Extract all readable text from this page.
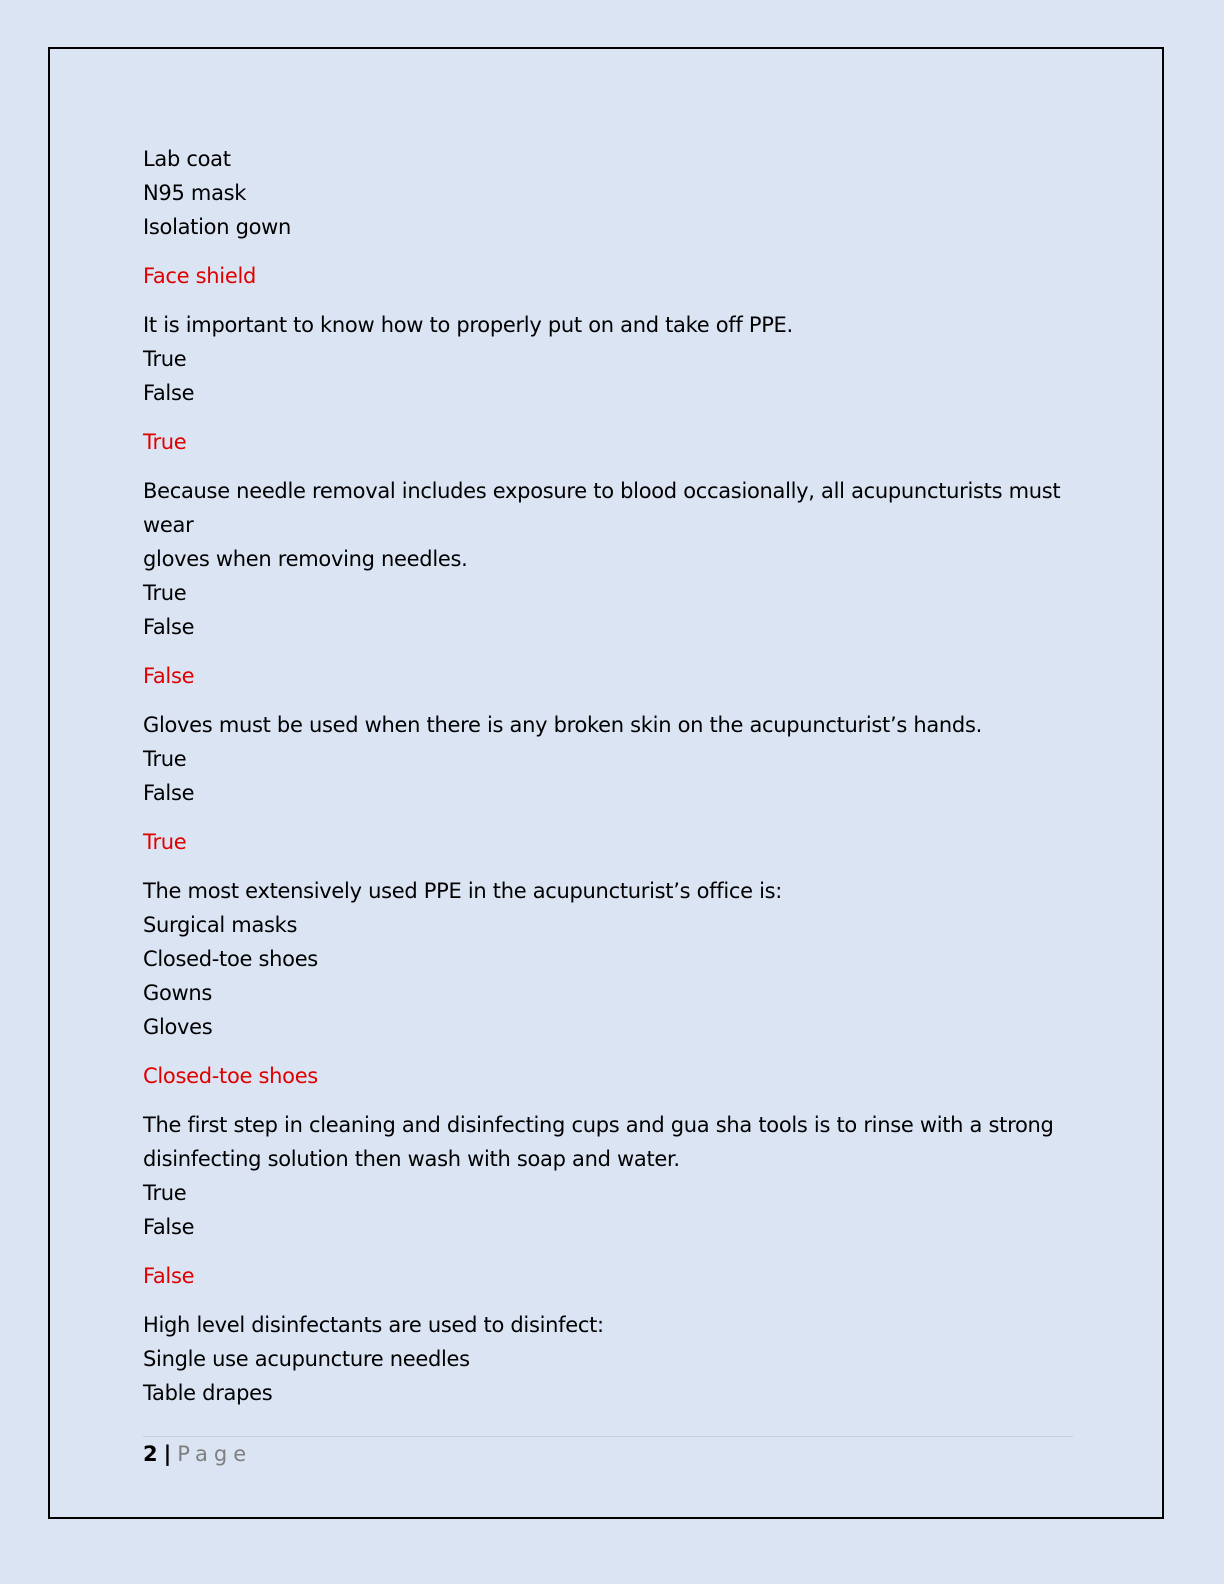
Lab coat

N95 mask

Isolation gown

Face shield

It is important to know how to properly put on and take off PPE.

True

False

True

Because needle removal includes exposure to blood occasionally, all acupuncturists must wear

gloves when removing needles.

True

False

False

Gloves must be used when there is any broken skin on the acupuncturist’s hands.

True

False

True

The most extensively used PPE in the acupuncturist’s office is:

Surgical masks

Closed-toe shoes

Gowns

Gloves

Closed-toe shoes

The first step in cleaning and disinfecting cups and gua sha tools is to rinse with a strong

disinfecting solution then wash with soap and water.

True

False

False

High level disinfectants are used to disinfect:

Single use acupuncture needles

Table drapes

2 | Page
